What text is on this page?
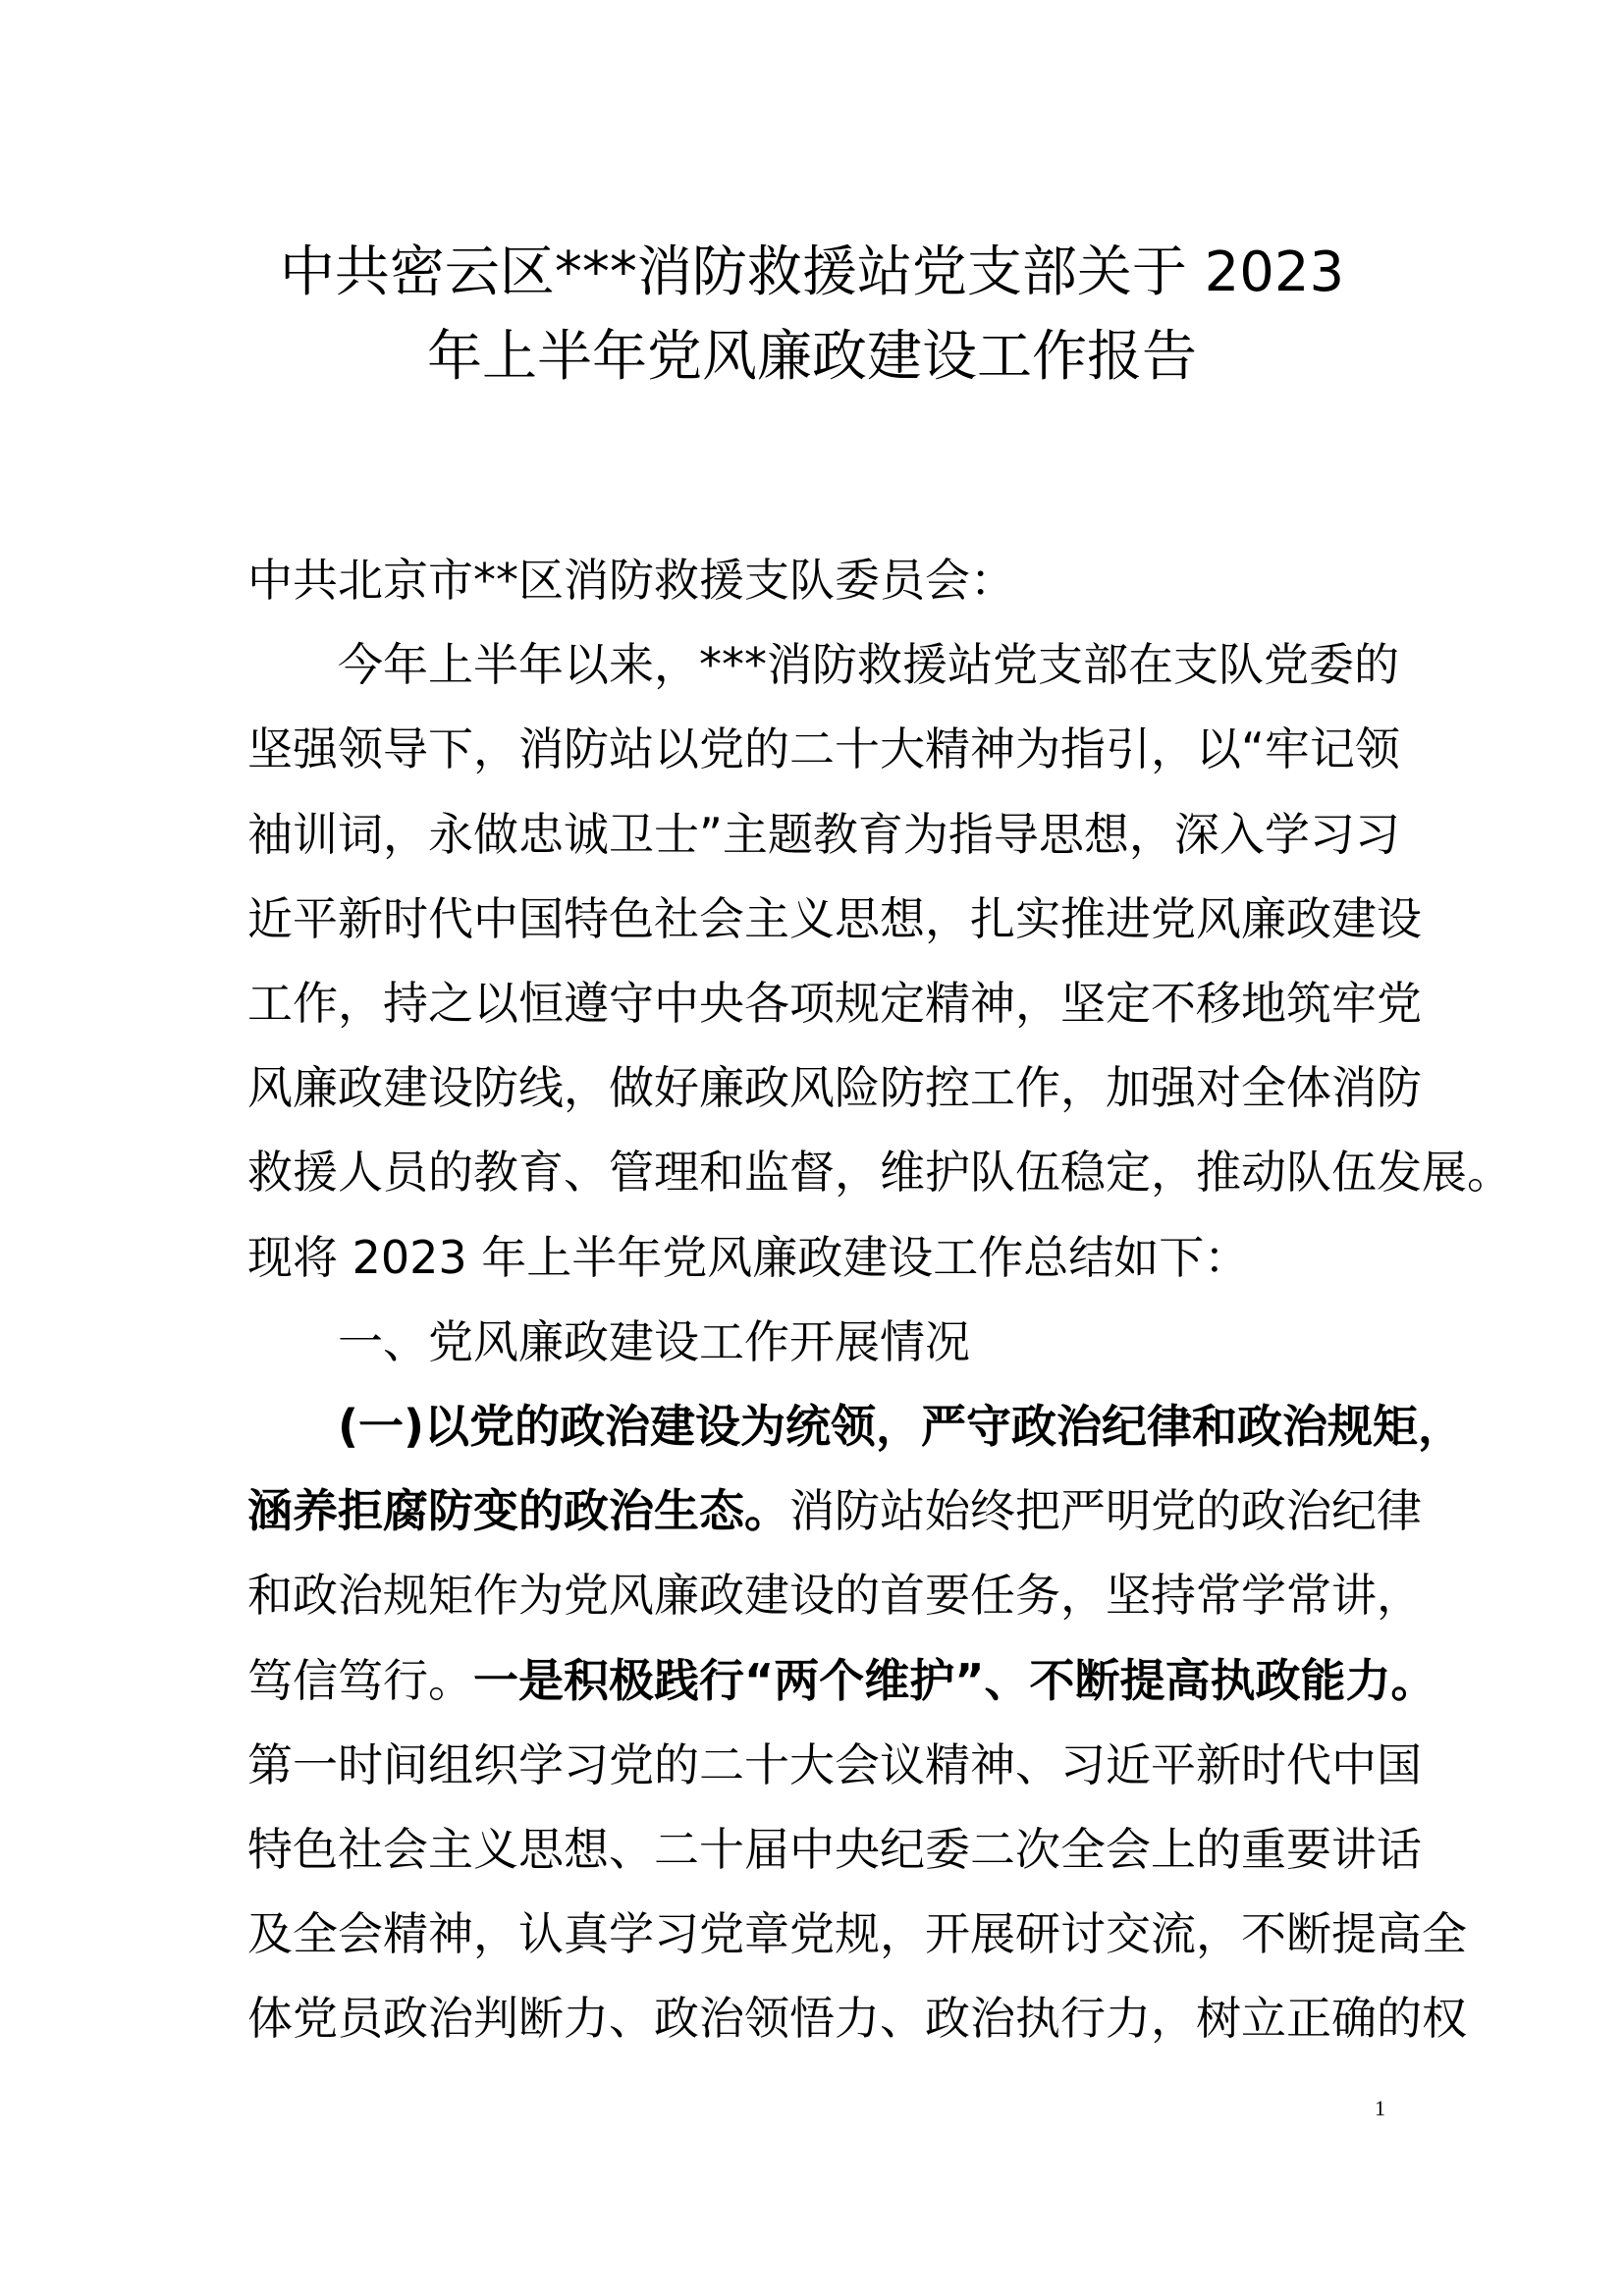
中共密云区***消防救援站党支部关于 2023
年上半年党风廉政建设工作报告
中共北京市**区消防救援支队委员会：
今年上半年以来，***消防救援站党支部在支队党委的
坚强领导下，消防站以党的二十大精神为指引，以“牢记领
袖训词，永做忠诚卫士”主题教育为指导思想，深入学习习
近平新时代中国特色社会主义思想，扎实推进党风廉政建设
工作，持之以恒遵守中央各项规定精神，坚定不移地筑牢党
风廉政建设防线，做好廉政风险防控工作，加强对全体消防
救援人员的教育、管理和监督，维护队伍稳定，推动队伍发展。
现将 2023 年上半年党风廉政建设工作总结如下：
一、党风廉政建设工作开展情况
(一)以党的政治建设为统领，严守政治纪律和政治规矩，
涵养拒腐防变的政治生态。消防站始终把严明党的政治纪律
和政治规矩作为党风廉政建设的首要任务，坚持常学常讲，
笃信笃行。一是积极践行“两个维护”、不断提高执政能力。
第一时间组织学习党的二十大会议精神、习近平新时代中国
特色社会主义思想、二十届中央纪委二次全会上的重要讲话
及全会精神，认真学习党章党规，开展研讨交流，不断提高全
体党员政治判断力、政治领悟力、政治执行力，树立正确的权
1
